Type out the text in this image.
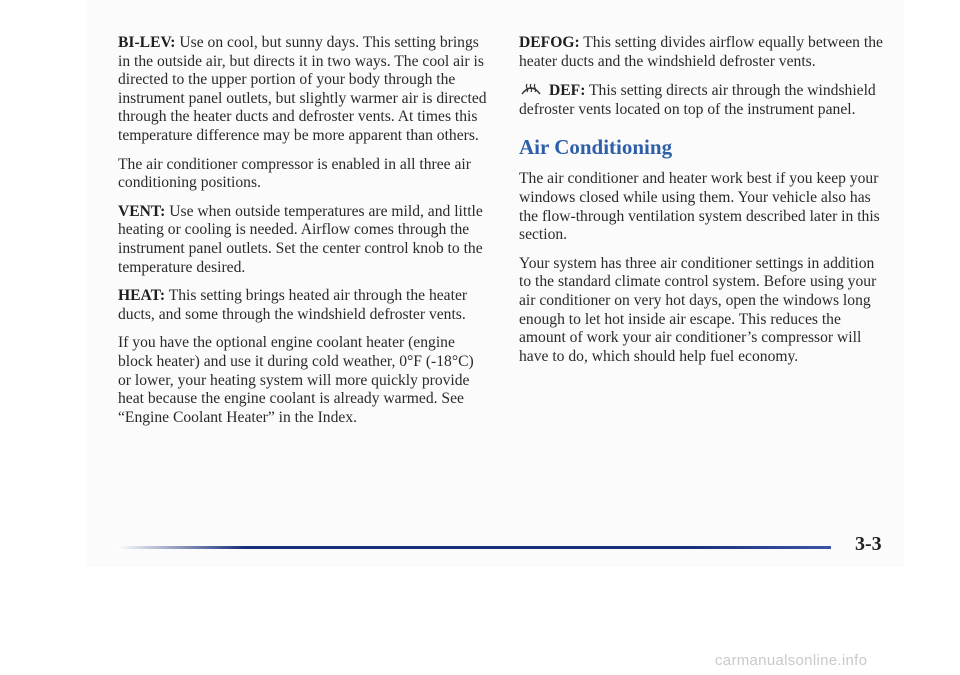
BI-LEV: Use on cool, but sunny days. This setting brings in the outside air, but directs it in two ways. The cool air is directed to the upper portion of your body through the instrument panel outlets, but slightly warmer air is directed through the heater ducts and defroster vents. At times this temperature difference may be more apparent than others.

The air conditioner compressor is enabled in all three air conditioning positions.

VENT: Use when outside temperatures are mild, and little heating or cooling is needed. Airflow comes through the instrument panel outlets. Set the center control knob to the temperature desired.

HEAT: This setting brings heated air through the heater ducts, and some through the windshield defroster vents.

If you have the optional engine coolant heater (engine block heater) and use it during cold weather, 0°F (-18°C) or lower, your heating system will more quickly provide heat because the engine coolant is already warmed. See “Engine Coolant Heater” in the Index.

DEFOG: This setting divides airflow equally between the heater ducts and the windshield defroster vents.

DEF: This setting directs air through the windshield defroster vents located on top of the instrument panel.

Air Conditioning

The air conditioner and heater work best if you keep your windows closed while using them. Your vehicle also has the flow-through ventilation system described later in this section.

Your system has three air conditioner settings in addition to the standard climate control system. Before using your air conditioner on very hot days, open the windows long enough to let hot inside air escape. This reduces the amount of work your air conditioner’s compressor will have to do, which should help fuel economy.

3-3
carmanualsonline.info
